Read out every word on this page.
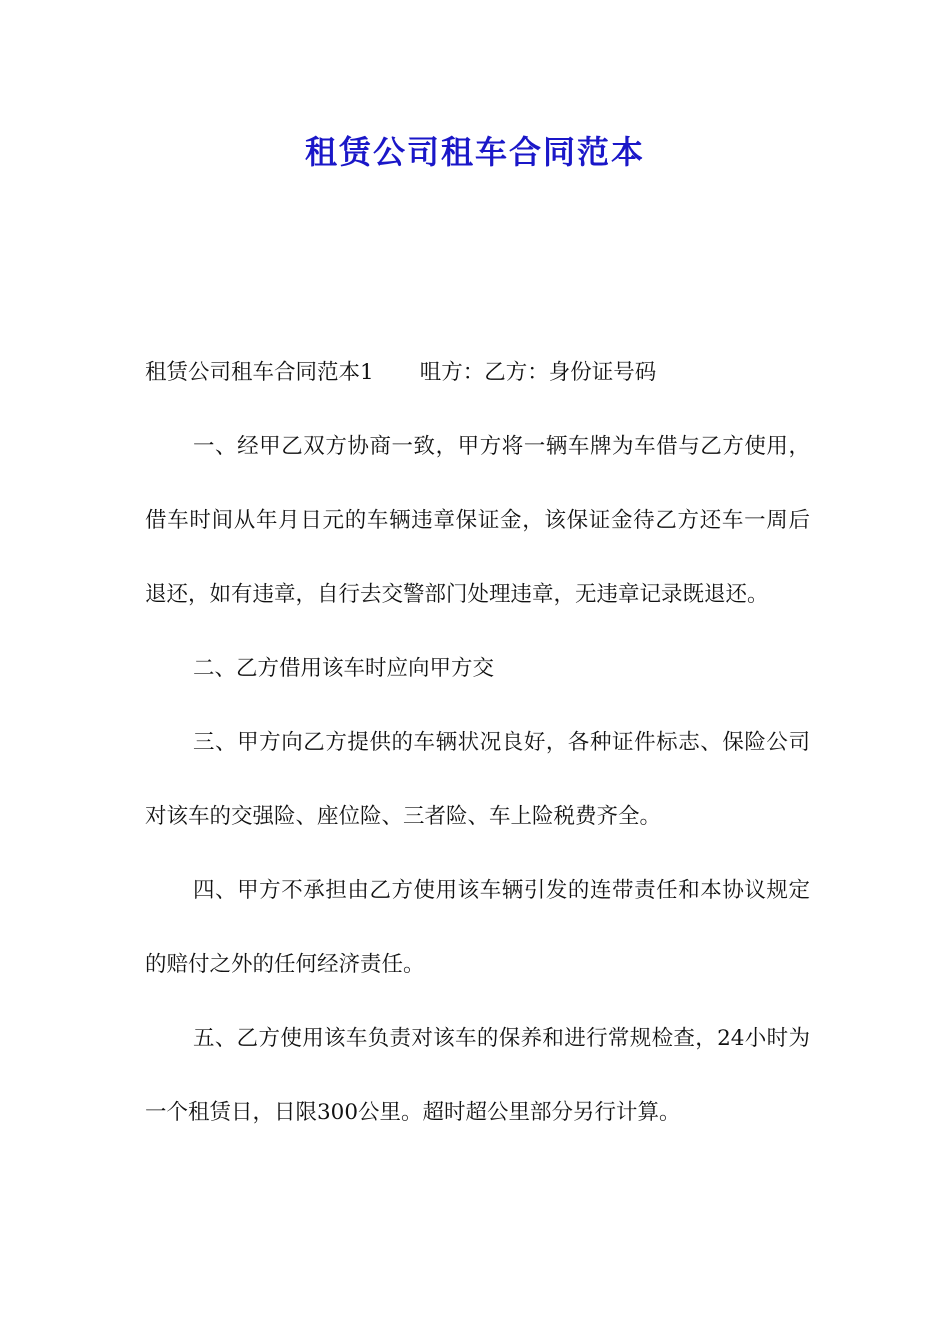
租赁公司租车合同范本

租赁公司租车合同范本1 咀方：乙方：身份证号码

一、经甲乙双方协商一致，甲方将一辆车牌为车借与乙方使用，借车时间从年月日元的车辆违章保证金，该保证金待乙方还车一周后退还，如有违章，自行去交警部门处理违章，无违章记录既退还。

二、乙方借用该车时应向甲方交

三、甲方向乙方提供的车辆状况良好，各种证件标志、保险公司对该车的交强险、座位险、三者险、车上险税费齐全。

四、甲方不承担由乙方使用该车辆引发的连带责任和本协议规定的赔付之外的任何经济责任。

五、乙方使用该车负责对该车的保养和进行常规检查，24小时为一个租赁日，日限300公里。超时超公里部分另行计算。
